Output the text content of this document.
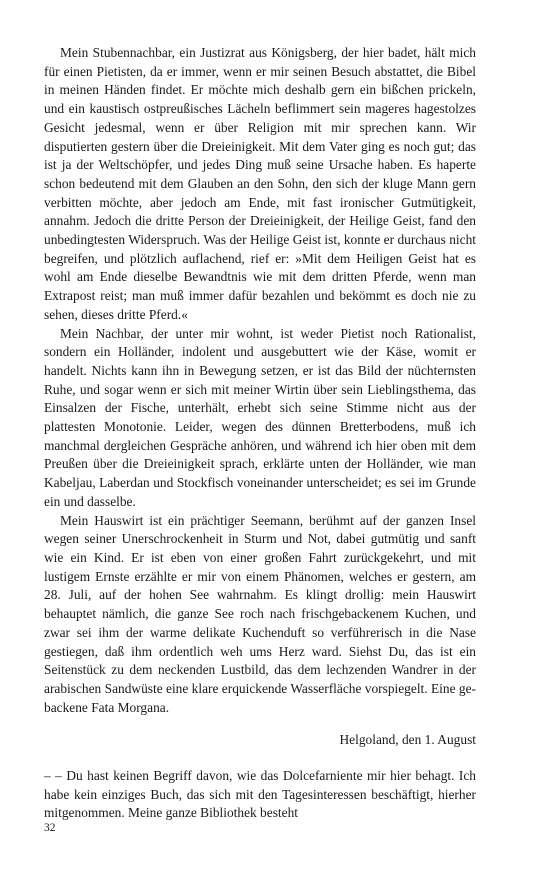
Mein Stubennachbar, ein Justizrat aus Königsberg, der hier badet, hält mich für einen Pietisten, da er immer, wenn er mir seinen Besuch abstattet, die Bibel in meinen Händen findet. Er möchte mich deshalb gern ein bißchen prickeln, und ein kaustisch ostpreußisches Lächeln beflimmert sein mageres hagestolzes Gesicht jedesmal, wenn er über Religion mit mir sprechen kann. Wir disputierten gestern über die Dreieinigkeit. Mit dem Vater ging es noch gut; das ist ja der Weltschöpfer, und jedes Ding muß seine Ursache haben. Es haperte schon bedeutend mit dem Glauben an den Sohn, den sich der kluge Mann gern verbitten möchte, aber jedoch am Ende, mit fast ironischer Gutmütigkeit, annahm. Jedoch die dritte Person der Dreieinigkeit, der Heilige Geist, fand den unbedingtesten Widerspruch. Was der Heilige Geist ist, konnte er durchaus nicht begreifen, und plötzlich auflachend, rief er: »Mit dem Heiligen Geist hat es wohl am Ende dieselbe Bewandtnis wie mit dem dritten Pferde, wenn man Extrapost reist; man muß immer dafür bezahlen und bekömmt es doch nie zu sehen, dieses dritte Pferd.«

Mein Nachbar, der unter mir wohnt, ist weder Pietist noch Rationalist, sondern ein Holländer, indolent und ausgebuttert wie der Käse, womit er handelt. Nichts kann ihn in Bewegung setzen, er ist das Bild der nüchternsten Ruhe, und sogar wenn er sich mit meiner Wirtin über sein Lieblingsthema, das Einsalzen der Fische, unterhält, erhebt sich seine Stimme nicht aus der plattesten Monotonie. Leider, wegen des dünnen Bretterbodens, muß ich manchmal dergleichen Gespräche anhören, und während ich hier oben mit dem Preußen über die Dreieinigkeit sprach, erklärte unten der Holländer, wie man Kabeljau, Laberdan und Stockfisch voneinander unterscheidet; es sei im Grunde ein und dasselbe.

Mein Hauswirt ist ein prächtiger Seemann, berühmt auf der ganzen Insel wegen seiner Unerschrockenheit in Sturm und Not, dabei gutmütig und sanft wie ein Kind. Er ist eben von einer großen Fahrt zurückgekehrt, und mit lustigem Ernste erzählte er mir von einem Phänomen, welches er gestern, am 28. Juli, auf der hohen See wahrnahm. Es klingt drollig: mein Hauswirt behauptet nämlich, die ganze See roch nach frischgebackenem Kuchen, und zwar sei ihm der warme delikate Kuchenduft so verführerisch in die Nase gestiegen, daß ihm ordentlich weh ums Herz ward. Siehst Du, das ist ein Seitenstück zu dem neckenden Lustbild, das dem lechzenden Wandrer in der arabischen Sandwüste eine klare erquickende Wasserfläche vorspiegelt. Eine gebackene Fata Morgana.

Helgoland, den 1. August

– – Du hast keinen Begriff davon, wie das Dolcefarniente mir hier behagt. Ich habe kein einziges Buch, das sich mit den Tagesinteressen beschäftigt, hierher mitgenommen. Meine ganze Bibliothek besteht

32
